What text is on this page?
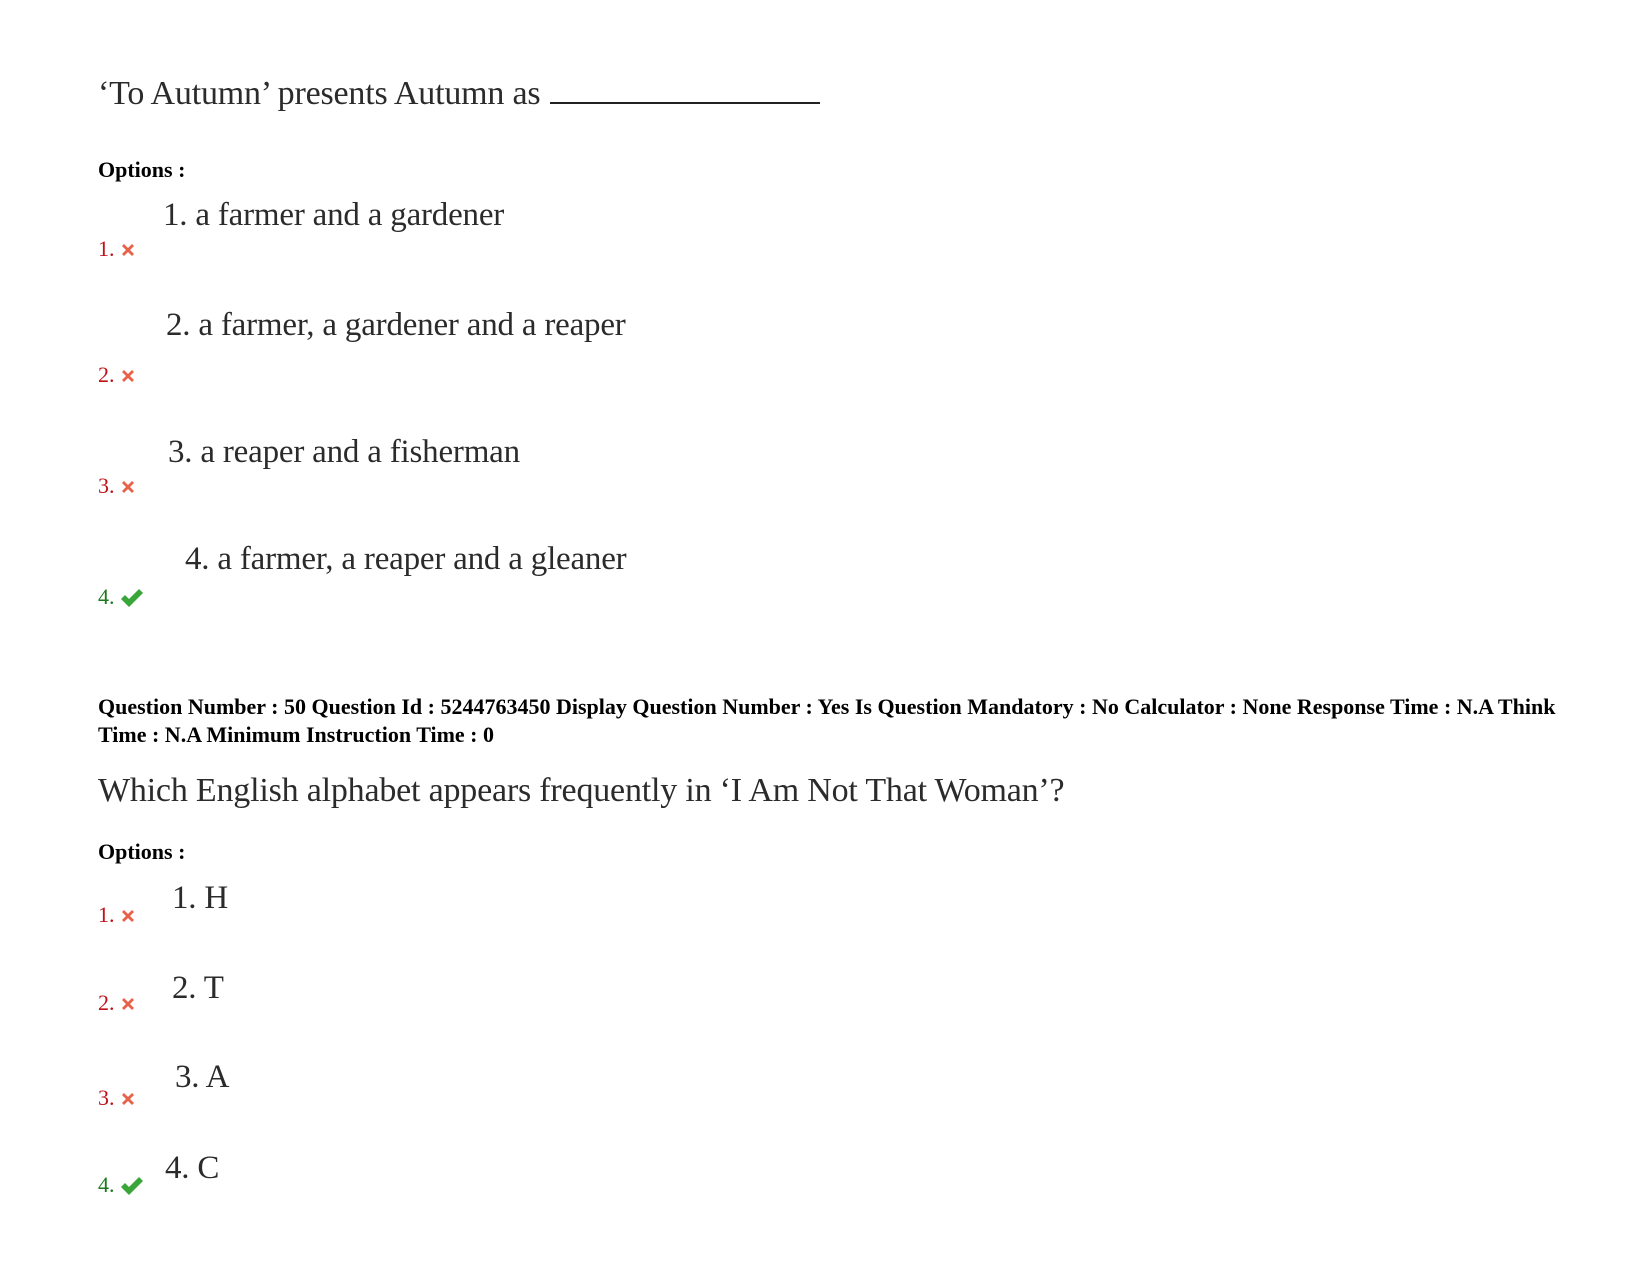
‘To Autumn’ presents Autumn as
Options :
1. a farmer and a gardener
1.
2. a farmer, a gardener and a reaper
2.
3. a reaper and a fisherman
3.
4. a farmer, a reaper and a gleaner
4.
Question Number : 50 Question Id : 5244763450 Display Question Number : Yes Is Question Mandatory : No Calculator : None Response Time : N.A Think Time : N.A Minimum Instruction Time : 0
Which English alphabet appears frequently in ‘I Am Not That Woman’?
Options :
1. H
1.
2. T
2.
3. A
3.
4. C
4.
